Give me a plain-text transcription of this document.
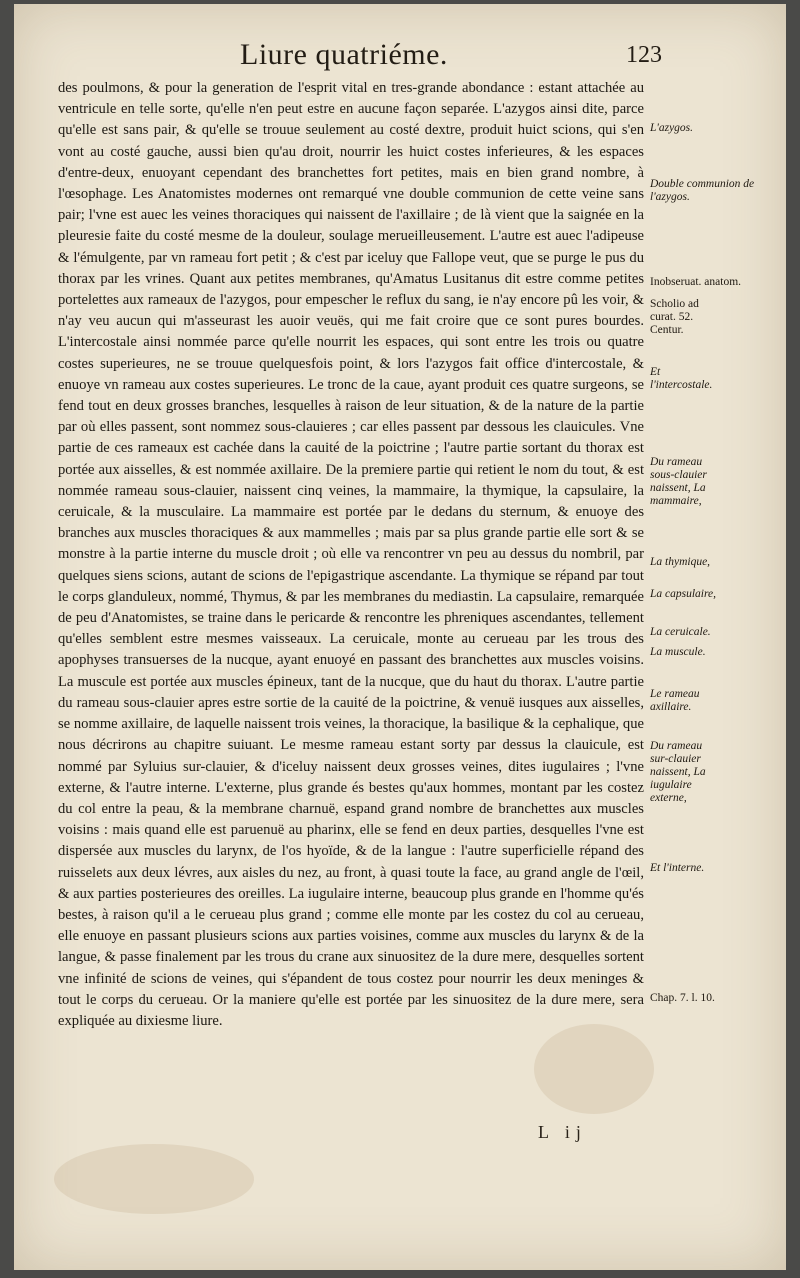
Liure quatriéme.	123

des poulmons, & pour la generation de l'esprit vital en tres-grande abondance : estant attachée au ventricule en telle sorte, qu'elle n'en peut estre en aucune façon separée. L'azygos ainsi dite, parce qu'elle est sans pair, & qu'elle se trouue seulement au costé dextre, produit huict scions, qui s'en vont au costé gauche, aussi bien qu'au droit, nourrir les huict costes inferieures, & les espaces d'entre-deux, enuoyant cependant des branchettes fort petites, mais en bien grand nombre, à l'œsophage. Les Anatomistes modernes ont remarqué vne double communion de cette veine sans pair; l'vne est auec les veines thoraciques qui naissent de l'axillaire ; de là vient que la saignée en la pleuresie faite du costé mesme de la douleur, soulage merueilleusement. L'autre est auec l'adipeuse & l'émulgente, par vn rameau fort petit ; & c'est par iceluy que Fallope veut, que se purge le pus du thorax par les vrines. Quant aux petites membranes, qu'Amatus Lusitanus dit estre comme petites portelettes aux rameaux de l'azygos, pour empescher le reflux du sang, ie n'ay encore pû les voir, & n'ay veu aucun qui m'asseurast les auoir veuës, qui me fait croire que ce sont pures bourdes. L'intercostale ainsi nommée parce qu'elle nourrit les espaces, qui sont entre les trois ou quatre costes superieures, ne se trouue quelquesfois point, & lors l'azygos fait office d'intercostale, & enuoye vn rameau aux costes superieures. Le tronc de la caue, ayant produit ces quatre surgeons, se fend tout en deux grosses branches, lesquelles à raison de leur situation, & de la nature de la partie par où elles passent, sont nommez sous-clauieres ; car elles passent par dessous les clauicules. Vne partie de ces rameaux est cachée dans la cauité de la poictrine ; l'autre partie sortant du thorax est portée aux aisselles, & est nommée axillaire. De la premiere partie qui retient le nom du tout, & est nommée rameau sous-clauier, naissent cinq veines, la mammaire, la thymique, la capsulaire, la ceruicale, & la musculaire. La mammaire est portée par le dedans du sternum, & enuoye des branches aux muscles thoraciques & aux mammelles ; mais par sa plus grande partie elle sort & se monstre à la partie interne du muscle droit ; où elle va rencontrer vn peu au dessus du nombril, par quelques siens scions, autant de scions de l'epigastrique ascendante. La thymique se répand par tout le corps glanduleux, nommé, Thymus, & par les membranes du mediastin. La capsulaire, remarquée de peu d'Anatomistes, se traine dans le pericarde & rencontre les phreniques ascendantes, tellement qu'elles semblent estre mesmes vaisseaux. La ceruicale, monte au cerueau par les trous des apophyses transuerses de la nucque, ayant enuoyé en passant des branchettes aux muscles voisins. La muscule est portée aux muscles épineux, tant de la nucque, que du haut du thorax. L'autre partie du rameau sous-clauier apres estre sortie de la cauité de la poictrine, & venuë iusques aux aisselles, se nomme axillaire, de laquelle naissent trois veines, la thoracique, la basilique & la cephalique, que nous décrirons au chapitre suiuant. Le mesme rameau estant sorty par dessus la clauicule, est nommé par Syluius sur-clauier, & d'iceluy naissent deux grosses veines, dites iugulaires ; l'vne externe, & l'autre interne. L'externe, plus grande és bestes qu'aux hommes, montant par les costez du col entre la peau, & la membrane charnuë, espand grand nombre de branchettes aux muscles voisins : mais quand elle est paruenuë au pharinx, elle se fend en deux parties, desquelles l'vne est dispersée aux muscles du larynx, de l'os hyoïde, & de la langue : l'autre superficielle répand des ruisselets aux deux lévres, aux aisles du nez, au front, à quasi toute la face, au grand angle de l'œil, & aux parties posterieures des oreilles. La iugulaire interne, beaucoup plus grande en l'homme qu'és bestes, à raison qu'il a le cerueau plus grand ; comme elle monte par les costez du col au cerueau, elle enuoye en passant plusieurs scions aux parties voisines, comme aux muscles du larynx & de la langue, & passe finalement par les trous du crane aux sinuositez de la dure mere, desquelles sortent vne infinité de scions de veines, qui s'épandent de tous costez pour nourrir les deux meninges & tout le corps du cerueau. Or la maniere qu'elle est portée par les sinuositez de la dure mere, sera expliquée au dixiesme liure.

L'azygos.
Double communion de l'azygos.
Inobseruat. anatom.
Scholio ad curat. 52. Centur.
Et l'intercostale.
Du rameau sous-clauier naissent, La mammaire,
La thymique,
La capsulaire,
La ceruicale.
La muscule.
Le rameau axillaire.
Du rameau sur-clauier naissent, La iugulaire externe,
Et l'interne.
Chap. 7. l. 10.
L ij
